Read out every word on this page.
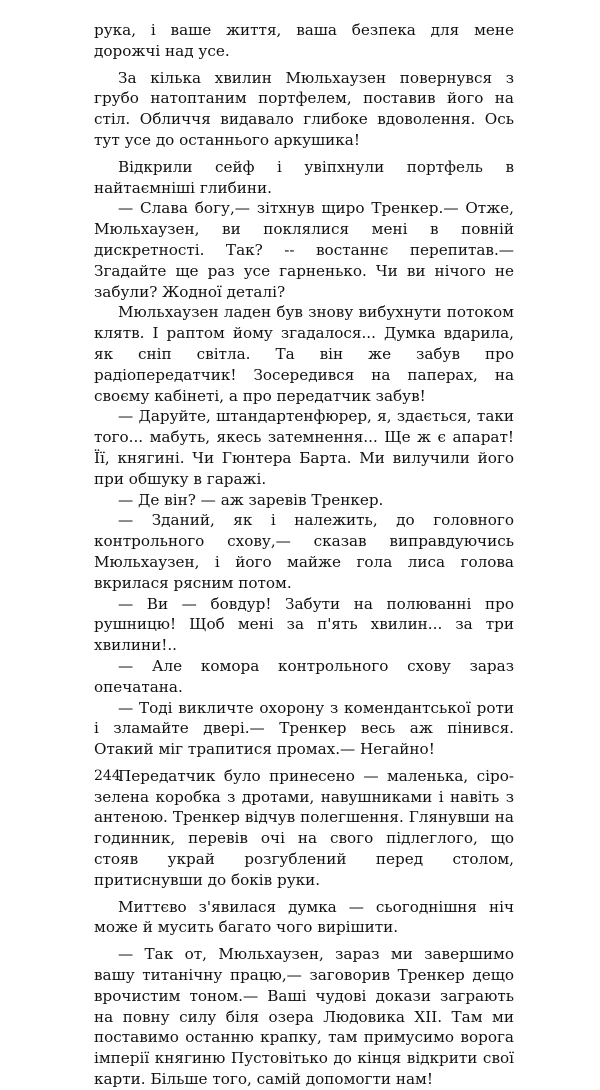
рука, і ваше життя, ваша безпека для мене дорожчі над усе.

За кілька хвилин Мюльхаузен повернувся з грубо натоптаним портфелем, поставив його на стіл. Обличчя видавало глибоке вдоволення. Ось тут усе до останнього аркушика!

Відкрили сейф і увіпхнули портфель в найтаємніші глибини.

— Слава богу,— зітхнув щиро Тренкер.— Отже, Мюльхаузен, ви поклялися мені в повній дискретності. Так? -- востаннє перепитав.— Згадайте ще раз усе гарненько. Чи ви нічого не забули? Жодної деталі?

Мюльхаузен ладен був знову вибухнути потоком клятв. І раптом йому згадалося... Думка вдарила, як сніп світла. Та він же забув про радіопередатчик! Зосередився на паперах, на своєму кабінеті, а про передатчик забув!

— Даруйте, штандартенфюрер, я, здається, таки того... мабуть, якесь затемнення... Ще ж є апарат! Її, княгині. Чи Гюнтера Барта. Ми вилучили його при обшуку в гаражі.

— Де він? — аж заревів Тренкер.

— Зданий, як і належить, до головного контрольного схову,— сказав виправдуючись Мюльхаузен, і його майже гола лиса голова вкрилася рясним потом.

— Ви — бовдур! Забути на полюванні про рушницю! Щоб мені за п'ять хвилин... за три хвилини!..

— Але комора контрольного схову зараз опечатана.

— Тоді викличте охорону з комендантської роти і зламайте двері.— Тренкер весь аж пінився. Отакий міг трапитися промах.— Негайно!

Передатчик було принесено — маленька, сіро-зелена коробка з дротами, навушниками і навіть з антеною. Тренкер відчув полегшення. Глянувши на годинник, перевів очі на свого підлеглого, що стояв украй розгублений перед столом, притиснувши до боків руки.

Миттєво з'явилася думка — сьогоднішня ніч може й мусить багато чого вирішити.

— Так от, Мюльхаузен, зараз ми завершимо вашу титанічну працю,— заговорив Тренкер дещо врочистим тоном.— Ваші чудові докази заграють на повну силу біля озера Людовика XII. Там ми поставимо останню крапку, там примусимо ворога імперії княгиню Пустовітько до кінця відкрити свої карти. Більше того, самій допомогти нам!

244
